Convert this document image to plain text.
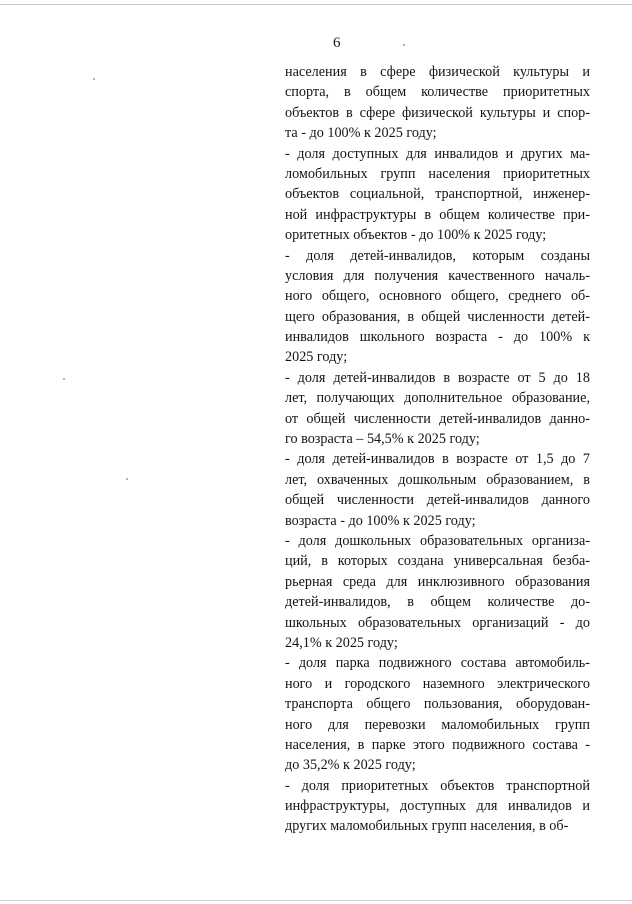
6
населения в сфере физической культуры и
спорта, в общем количестве приоритетных
объектов в сфере физической культуры и спор-
та - до 100% к 2025 году;
- доля доступных для инвалидов и других ма-
ломобильных групп населения приоритетных
объектов социальной, транспортной, инженер-
ной инфраструктуры в общем количестве при-
оритетных объектов - до 100% к 2025 году;
- доля детей-инвалидов, которым созданы
условия для получения качественного началь-
ного общего, основного общего, среднего об-
щего образования, в общей численности детей-
инвалидов школьного возраста - до 100% к
2025 году;
- доля детей-инвалидов в возрасте от 5 до 18
лет, получающих дополнительное образование,
от общей численности детей-инвалидов данно-
го возраста – 54,5% к 2025 году;
- доля детей-инвалидов в возрасте от 1,5 до 7
лет, охваченных дошкольным образованием, в
общей численности детей-инвалидов данного
возраста - до 100% к 2025 году;
- доля дошкольных образовательных организа-
ций, в которых создана универсальная безба-
рьерная среда для инклюзивного образования
детей-инвалидов, в общем количестве до-
школьных образовательных организаций - до
24,1% к 2025 году;
- доля парка подвижного состава автомобиль-
ного и городского наземного электрического
транспорта общего пользования, оборудован-
ного для перевозки маломобильных групп
населения, в парке этого подвижного состава -
до 35,2% к 2025 году;
- доля приоритетных объектов транспортной
инфраструктуры, доступных для инвалидов и
других маломобильных групп населения, в об-
